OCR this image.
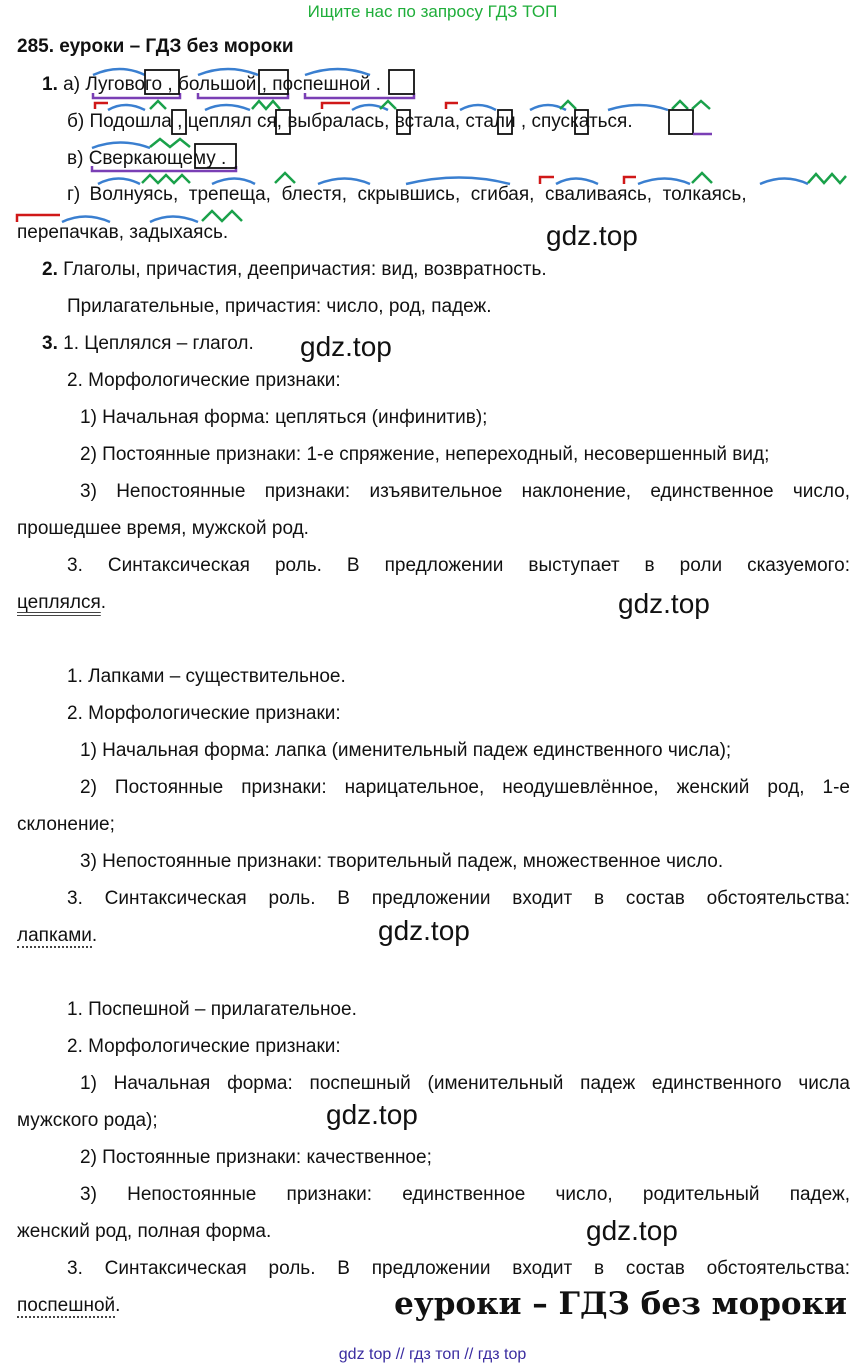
Ищите нас по запросу ГДЗ ТОП
285. еуроки – ГДЗ без мороки
1. а) Лугового , большой , поспешной .
б) Подошла , цеплял ся, выбралась, встала, стали , спускаться.
в) Сверкающему .
г) Волнуясь,  трепеща,  блестя,  скрывшись,  сгибая,  сваливаясь,  толкаясь,
перепачкав, задыхаясь.	gdz.top
2. Глаголы, причастия, деепричастия: вид, возвратность.
Прилагательные, причастия: число, род, падеж.
3. 1. Цеплялся – глагол. gdz.top
2. Морфологические признаки:
1) Начальная форма: цепляться (инфинитив);
2) Постоянные признаки: 1-е спряжение, непереходный, несовершенный вид;
3) Непостоянные признаки: изъявительное наклонение, единственное число,
прошедшее время, мужской род.
3. Синтаксическая роль. В предложении выступает в роли сказуемого:
цеплялся.	gdz.top
1. Лапками – существительное.
2. Морфологические признаки:
1) Начальная форма: лапка (именительный падеж единственного числа);
2) Постоянные признаки: нарицательное, неодушевлённое, женский род, 1-е
склонение;
3) Непостоянные признаки: творительный падеж, множественное число.
3. Синтаксическая роль. В предложении входит в состав обстоятельства:
лапками.	gdz.top
1. Поспешной – прилагательное.
2. Морфологические признаки:
1) Начальная форма: поспешный (именительный падеж единственного числа
мужского рода);	gdz.top
2) Постоянные признаки: качественное;
3) Непостоянные признаки: единственное число, родительный падеж,
женский род, полная форма.	gdz.top
3. Синтаксическая роль. В предложении входит в состав обстоятельства:
поспешной.	еуроки – ГДЗ без мороки
gdz top // гдз топ // гдз top
